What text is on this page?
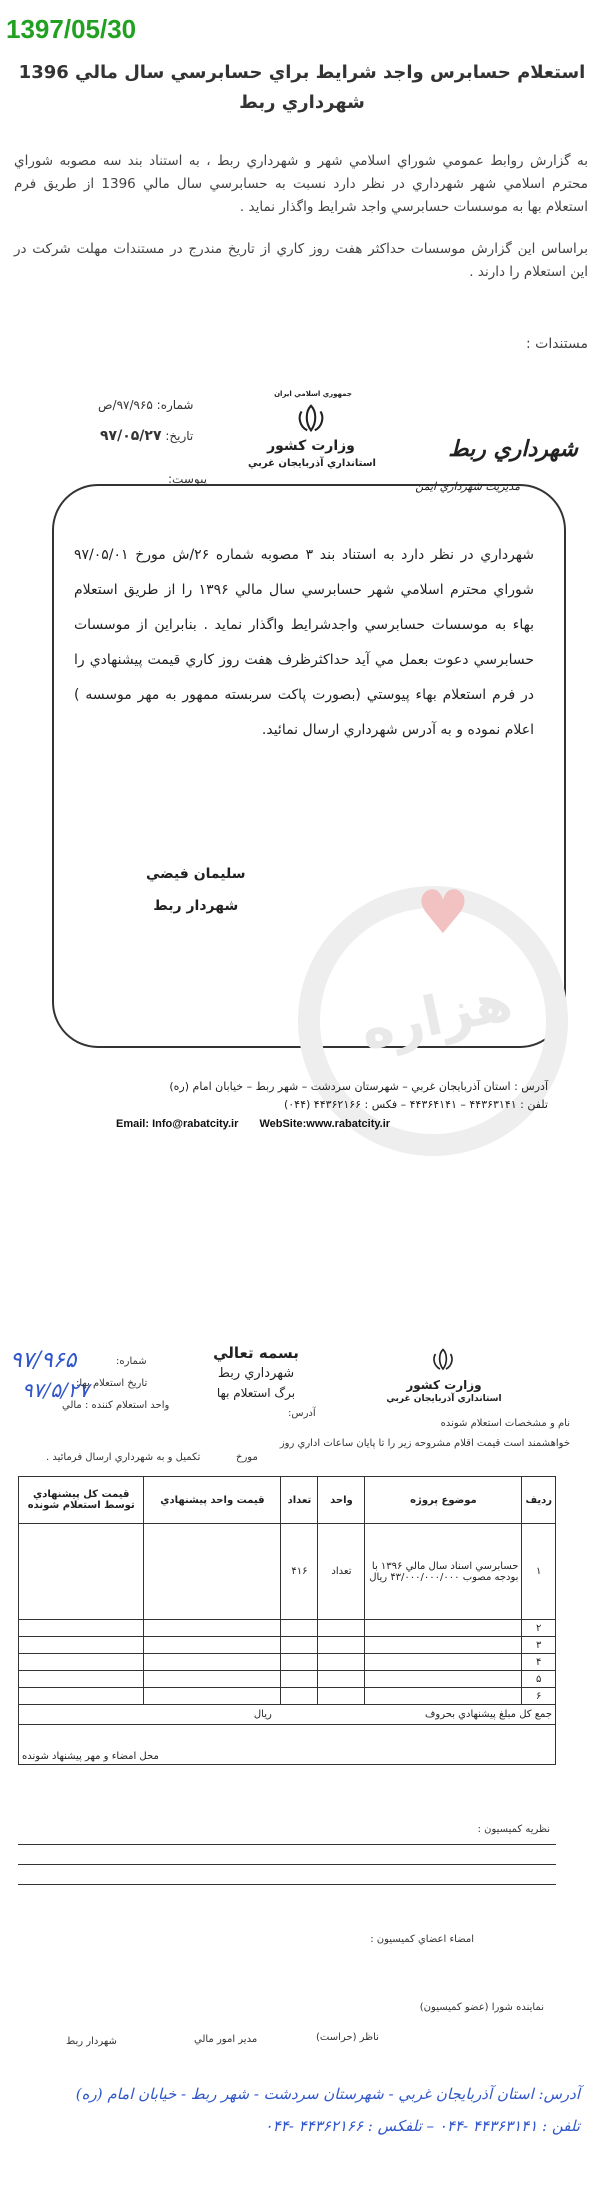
1397/05/30
استعلام حسابرس واجد شرايط براي حسابرسي سال مالي 1396 شهرداري ربط
به گزارش روابط عمومي شوراي اسلامي شهر و شهرداري ربط ، به استناد بند سه مصوبه شوراي محترم اسلامي شهر شهرداري در نظر دارد نسبت به حسابرسي سال مالي 1396 از طريق فرم استعلام بها به موسسات حسابرسي واجد شرايط واگذار نمايد .
براساس اين گزارش موسسات حداکثر هفت روز کاري از تاريخ مندرج در مستندات مهلت شرکت در اين استعلام را دارند .
مستندات :
شماره: ۹۷/۹۶۵/ص
تاريخ: ۹۷/۰۵/۲۷
پيوست:
جمهوري اسلامي ايران
وزارت کشور
استانداري آذربايجان غربي
شهرداري ربط
مديريت شهرداري ايمن
شهرداري در نظر دارد به استناد بند ۳ مصوبه شماره ۲۶/ش مورخ ۹۷/۰۵/۰۱ شوراي محترم اسلامي شهر حسابرسي سال مالي ۱۳۹۶ را از طريق استعلام بهاء به موسسات حسابرسي واجدشرايط واگذار نمايد . بنابراين از موسسات حسابرسي دعوت بعمل مي آيد حداکثرظرف هفت روز کاري قيمت پيشنهادي را در فرم استعلام بهاء پيوستي (بصورت پاکت سربسته ممهور به مهر موسسه ) اعلام نموده و به آدرس شهرداري ارسال نمائيد.
سليمان فيضي
شهردار ربط	♥
هزاره
آدرس : استان آذربايجان غربي – شهرستان سردشت – شهر ربط – خيابان امام (ره)
تلفن : ۴۴۳۶۳۱۴۱ – ۴۴۳۶۴۱۴۱ – فکس : ۴۴۳۶۲۱۶۶ (۰۴۴)
Email: Info@rabatcity.ir WebSite:www.rabatcity.ir
۹۷/۹۶۵
۹۷/۵/۲۷
شماره:
تاريخ استعلام بها:
واحد استعلام کننده : مالي
بسمه تعالي
شهرداري ربط
برگ استعلام بها
آدرس:
وزارت کشور
استانداري آذربايجان غربي
نام و مشخصات استعلام شونده
خواهشمند است قيمت اقلام مشروحه زير را تا پايان ساعات اداري روز
مورخ
تکميل و به شهرداري ارسال فرمائيد .
رديف	موضوع پروژه	واحد	تعداد	قيمت واحد پيشنهادي	قيمت کل پيشنهادي توسط استعلام شونده
۱	حسابرسي اسناد سال مالي ۱۳۹۶ با بودجه مصوب ۴۳/۰۰۰/۰۰۰/۰۰۰ ريال	تعداد	۴۱۶		
۲					
۳					
۴					
۵					
۶					
جمع کل مبلغ پيشنهادي بحروف ريال					
محل امضاء و مهر پيشنهاد شونده					
نظريه کميسيون :
امضاء اعضاي کميسيون :
نماينده شورا (عضو کميسيون)
ناظر (حراست)
مدير امور مالي
شهردار ربط
آدرس: استان آذربايجان غربي - شهرستان سردشت - شهر ربط - خيابان امام (ره)
تلفن : ۴۴۳۶۳۱۴۱ -۰۴۴ – تلفکس : ۴۴۳۶۲۱۶۶ -۰۴۴
